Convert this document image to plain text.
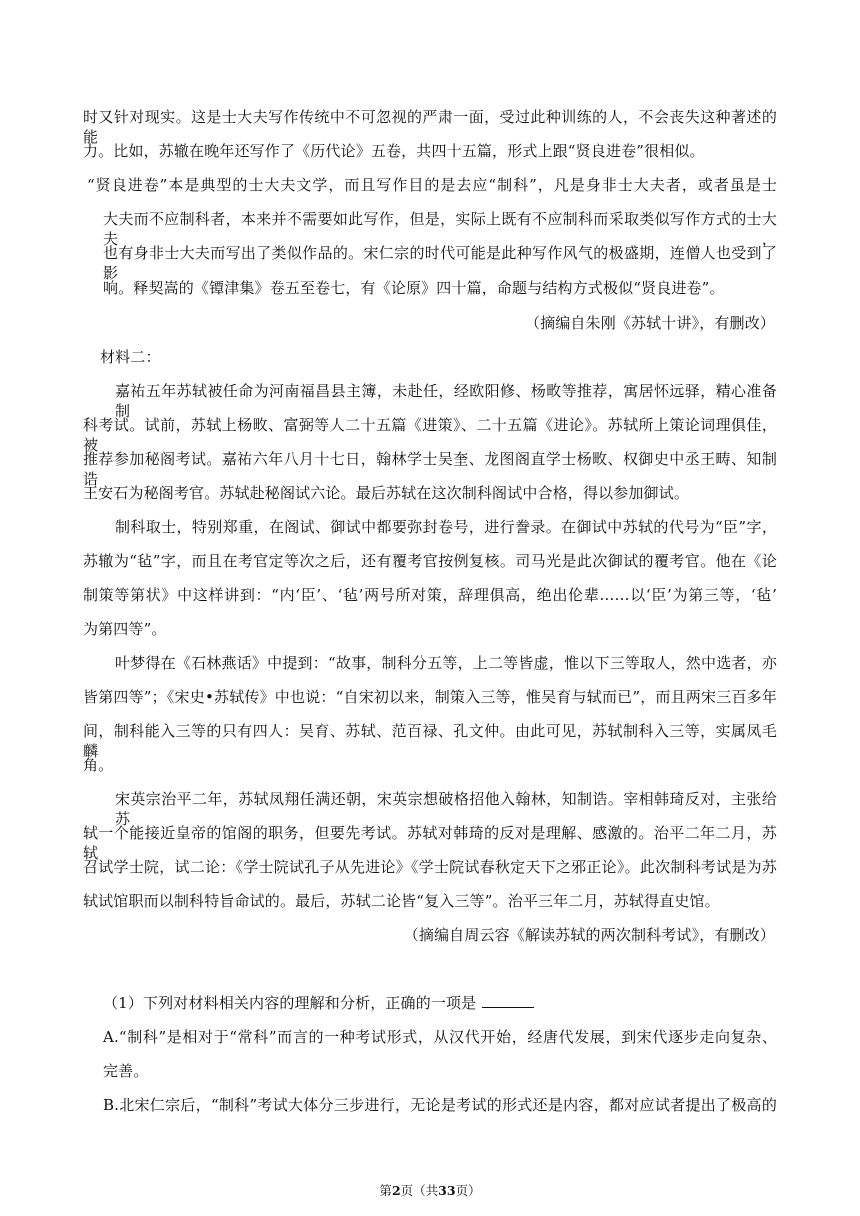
时又针对现实。这是士大夫写作传统中不可忽视的严肃一面，受过此种训练的人，不会丧失这种著述的能
力。比如，苏辙在晚年还写作了《历代论》五卷，共四十五篇，形式上跟“贤良进卷”很相似。
“贤良进卷”本是典型的士大夫文学，而且写作目的是去应“制科”，凡是身非士大夫者，或者虽是士
大夫而不应制科者，本来并不需要如此写作，但是，实际上既有不应制科而采取类似写作方式的士大夫，
也有身非士大夫而写出了类似作品的。宋仁宗的时代可能是此种写作风气的极盛期，连僧人也受到了影
响。释契嵩的《镡津集》卷五至卷七，有《论原》四十篇，命题与结构方式极似“贤良进卷”。
（摘编自朱刚《苏轼十讲》，有删改）
材料二：
嘉祐五年苏轼被任命为河南福昌县主簿，未赴任，经欧阳修、杨畋等推荐，寓居怀远驿，精心准备制
科考试。试前，苏轼上杨畋、富弼等人二十五篇《进策》、二十五篇《进论》。苏轼所上策论词理俱佳，被
推荐参加秘阁考试。嘉祐六年八月十七日，翰林学士吴奎、龙图阁直学士杨畋、权御史中丞王畴、知制诰
王安石为秘阁考官。苏轼赴秘阁试六论。最后苏轼在这次制科阁试中合格，得以参加御试。
制科取士，特别郑重，在阁试、御试中都要弥封卷号，进行誊录。在御试中苏轼的代号为“臣”字，
苏辙为“毡”字，而且在考官定等次之后，还有覆考官按例复核。司马光是此次御试的覆考官。他在《论
制策等第状》中这样讲到：“内‘臣’、‘毡’两号所对策，辞理俱高，绝出伦辈……以‘臣’为第三等，‘毡’
为第四等”。
叶梦得在《石林燕话》中提到：“故事，制科分五等，上二等皆虚，惟以下三等取人，然中选者，亦
皆第四等”；《宋史•苏轼传》中也说：“自宋初以来，制策入三等，惟吴育与轼而已”，而且两宋三百多年
间，制科能入三等的只有四人：吴育、苏轼、范百禄、孔文仲。由此可见，苏轼制科入三等，实属凤毛麟
角。
宋英宗治平二年，苏轼凤翔任满还朝，宋英宗想破格招他入翰林，知制诰。宰相韩琦反对，主张给苏
轼一个能接近皇帝的馆阁的职务，但要先考试。苏轼对韩琦的反对是理解、感激的。治平二年二月，苏轼
召试学士院，试二论：《学士院试孔子从先进论》《学士院试春秋定天下之邪正论》。此次制科考试是为苏
轼试馆职而以制科特旨命试的。最后，苏轼二论皆“复入三等”。治平三年二月，苏轼得直史馆。
（摘编自周云容《解读苏轼的两次制科考试》，有删改）
（1）下列对材料相关内容的理解和分析，正确的一项是
A.“制科”是相对于“常科”而言的一种考试形式，从汉代开始，经唐代发展，到宋代逐步走向复杂、
完善。
B.北宋仁宗后，“制科”考试大体分三步进行，无论是考试的形式还是内容，都对应试者提出了极高的
第2页（共33页）
